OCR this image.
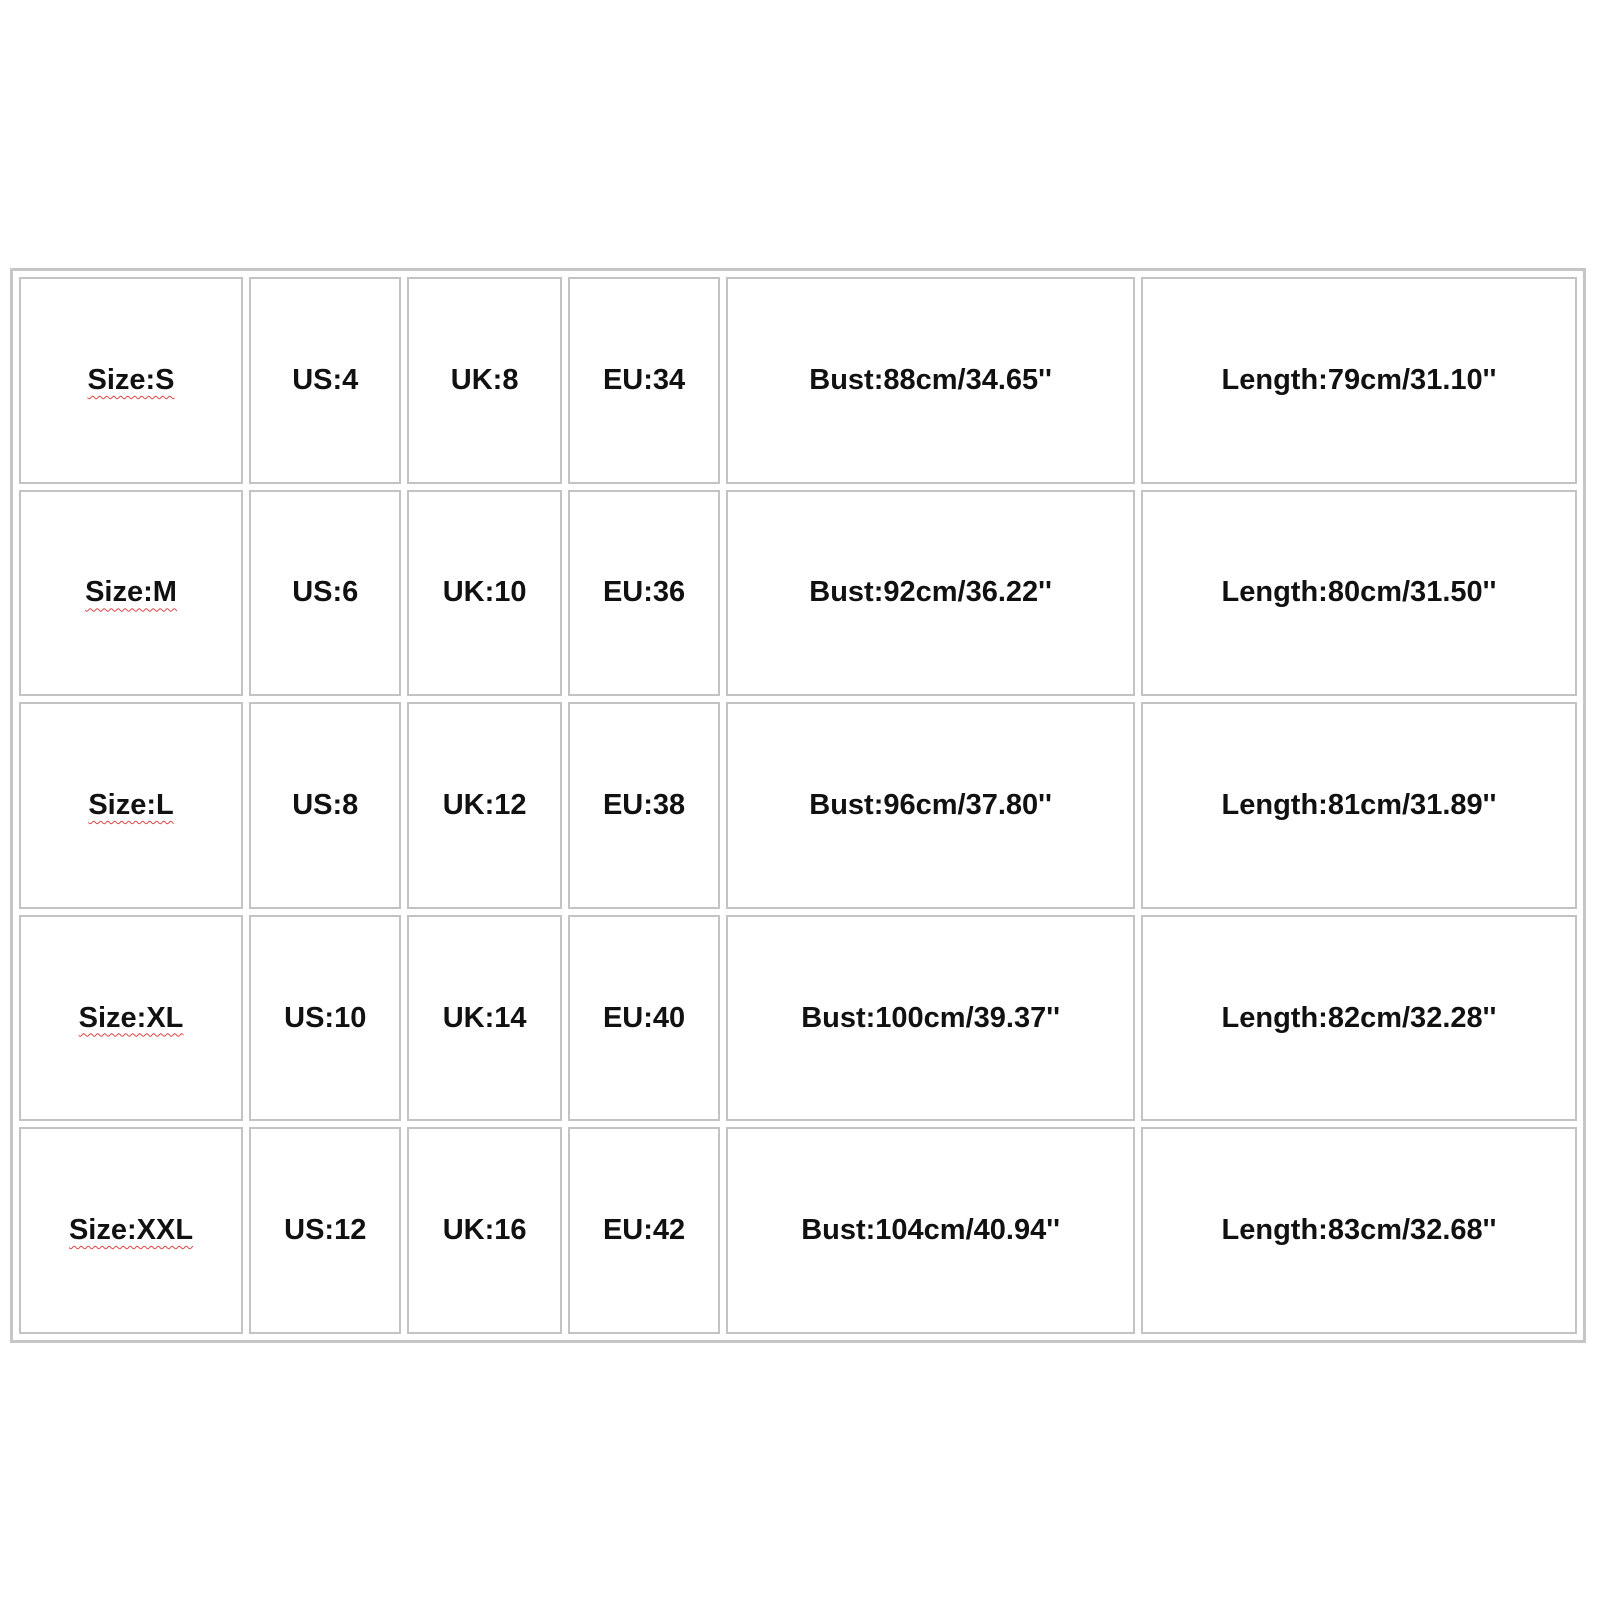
Size:S	US:4	UK:8	EU:34	Bust:88cm/34.65''	Length:79cm/31.10''
Size:M	US:6	UK:10	EU:36	Bust:92cm/36.22''	Length:80cm/31.50''
Size:L	US:8	UK:12	EU:38	Bust:96cm/37.80''	Length:81cm/31.89''
Size:XL	US:10	UK:14	EU:40	Bust:100cm/39.37''	Length:82cm/32.28''
Size:XXL	US:12	UK:16	EU:42	Bust:104cm/40.94''	Length:83cm/32.68''
